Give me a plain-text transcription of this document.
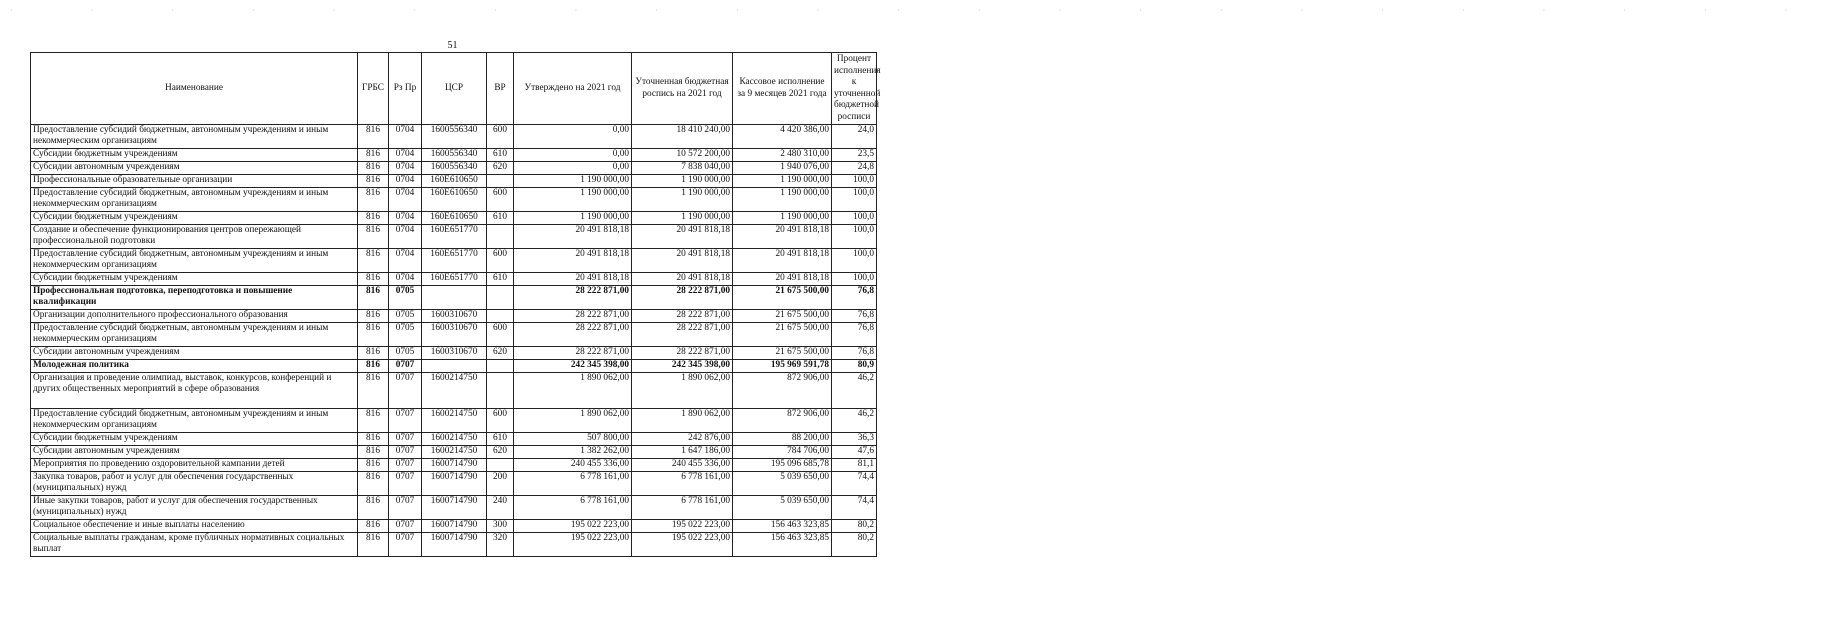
· · · · · · · · · · · · · · · · · · · · · · ·
51
Наименование	ГРБС	Рз Пр	ЦСР	ВР	Утверждено на 2021 год	Уточненная бюджетная роспись на 2021 год	Кассовое исполнение за 9 месяцев 2021 года	Процент исполнения к уточненной бюджетной росписи
Предоставление субсидий бюджетным, автономным учреждениям и иным некоммерческим организациям	816	0704	1600556340	600	0,00	18 410 240,00	4 420 386,00	24,0
Субсидии бюджетным учреждениям	816	0704	1600556340	610	0,00	10 572 200,00	2 480 310,00	23,5
Субсидии автономным учреждениям	816	0704	1600556340	620	0,00	7 838 040,00	1 940 076,00	24,8
Профессиональные образовательные организации	816	0704	160E610650		1 190 000,00	1 190 000,00	1 190 000,00	100,0
Предоставление субсидий бюджетным, автономным учреждениям и иным некоммерческим организациям	816	0704	160E610650	600	1 190 000,00	1 190 000,00	1 190 000,00	100,0
Субсидии бюджетным учреждениям	816	0704	160E610650	610	1 190 000,00	1 190 000,00	1 190 000,00	100,0
Создание и обеспечение функционирования центров опережающей профессиональной подготовки	816	0704	160E651770		20 491 818,18	20 491 818,18	20 491 818,18	100,0
Предоставление субсидий бюджетным, автономным учреждениям и иным некоммерческим организациям	816	0704	160E651770	600	20 491 818,18	20 491 818,18	20 491 818,18	100,0
Субсидии бюджетным учреждениям	816	0704	160E651770	610	20 491 818,18	20 491 818,18	20 491 818,18	100,0
Профессиональная подготовка, переподготовка и повышение квалификации	816	0705			28 222 871,00	28 222 871,00	21 675 500,00	76,8
Организации дополнительного профессионального образования	816	0705	1600310670		28 222 871,00	28 222 871,00	21 675 500,00	76,8
Предоставление субсидий бюджетным, автономным учреждениям и иным некоммерческим организациям	816	0705	1600310670	600	28 222 871,00	28 222 871,00	21 675 500,00	76,8
Субсидии автономным учреждениям	816	0705	1600310670	620	28 222 871,00	28 222 871,00	21 675 500,00	76,8
Молодежная политика	816	0707			242 345 398,00	242 345 398,00	195 969 591,78	80,9
Организация и проведение олимпиад, выставок, конкурсов, конференций и других общественных мероприятий в сфере образования	816	0707	1600214750		1 890 062,00	1 890 062,00	872 906,00	46,2
Предоставление субсидий бюджетным, автономным учреждениям и иным некоммерческим организациям	816	0707	1600214750	600	1 890 062,00	1 890 062,00	872 906,00	46,2
Субсидии бюджетным учреждениям	816	0707	1600214750	610	507 800,00	242 876,00	88 200,00	36,3
Субсидии автономным учреждениям	816	0707	1600214750	620	1 382 262,00	1 647 186,00	784 706,00	47,6
Мероприятия по проведению оздоровительной кампании детей	816	0707	1600714790		240 455 336,00	240 455 336,00	195 096 685,78	81,1
Закупка товаров, работ и услуг для обеспечения государственных (муниципальных) нужд	816	0707	1600714790	200	6 778 161,00	6 778 161,00	5 039 650,00	74,4
Иные закупки товаров, работ и услуг для обеспечения государственных (муниципальных) нужд	816	0707	1600714790	240	6 778 161,00	6 778 161,00	5 039 650,00	74,4
Социальное обеспечение и иные выплаты населению	816	0707	1600714790	300	195 022 223,00	195 022 223,00	156 463 323,85	80,2
Социальные выплаты гражданам, кроме публичных нормативных социальных выплат	816	0707	1600714790	320	195 022 223,00	195 022 223,00	156 463 323,85	80,2
